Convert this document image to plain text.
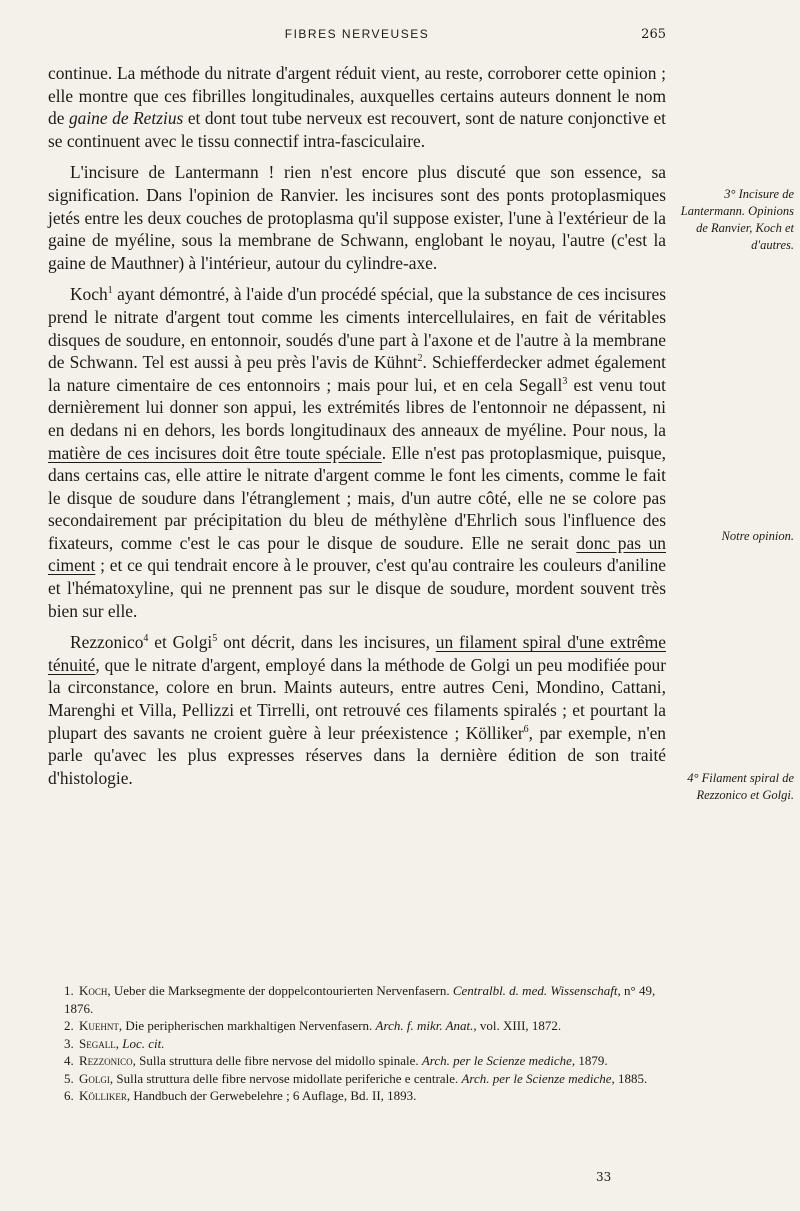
FIBRES NERVEUSES	265

continue. La méthode du nitrate d'argent réduit vient, au reste, corroborer cette opinion ; elle montre que ces fibrilles longitudinales, auxquelles certains auteurs donnent le nom de gaine de Retzius et dont tout tube nerveux est recouvert, sont de nature conjonctive et se continuent avec le tissu connectif intra-fasciculaire.

L'incisure de Lantermann ! rien n'est encore plus discuté que son essence, sa signification. Dans l'opinion de Ranvier. les incisures sont des ponts protoplasmiques jetés entre les deux couches de protoplasma qu'il suppose exister, l'une à l'extérieur de la gaine de myéline, sous la membrane de Schwann, englobant le noyau, l'autre (c'est la gaine de Mauthner) à l'intérieur, autour du cylindre-axe.

Koch$^1$ ayant démontré, à l'aide d'un procédé spécial, que la substance de ces incisures prend le nitrate d'argent tout comme les ciments intercellulaires, en fait de véritables disques de soudure, en entonnoir, soudés d'une part à l'axone et de l'autre à la membrane de Schwann. Tel est aussi à peu près l'avis de Kühnt$^2$. Schiefferdecker admet également la nature cimentaire de ces entonnoirs ; mais pour lui, et en cela Segall$^3$ est venu tout dernièrement lui donner son appui, les extrémités libres de l'entonnoir ne dépassent, ni en dedans ni en dehors, les bords longitudinaux des anneaux de myéline. Pour nous, la matière de ces incisures doit être toute spéciale. Elle n'est pas protoplasmique, puisque, dans certains cas, elle attire le nitrate d'argent comme le font les ciments, comme le fait le disque de soudure dans l'étranglement ; mais, d'un autre côté, elle ne se colore pas secondairement par précipitation du bleu de méthylène d'Ehrlich sous l'influence des fixateurs, comme c'est le cas pour le disque de soudure. Elle ne serait donc pas un ciment ; et ce qui tendrait encore à le prouver, c'est qu'au contraire les couleurs d'aniline et l'hématoxyline, qui ne prennent pas sur le disque de soudure, mordent souvent très bien sur elle.

Rezzonico$^4$ et Golgi$^5$ ont décrit, dans les incisures, un filament spiral d'une extrême ténuité, que le nitrate d'argent, employé dans la méthode de Golgi un peu modifiée pour la circonstance, colore en brun. Maints auteurs, entre autres Ceni, Mondino, Cattani, Marenghi et Villa, Pellizzi et Tirrelli, ont retrouvé ces filaments spiralés ; et pourtant la plupart des savants ne croient guère à leur préexistence ; Kölliker$^6$, par exemple, n'en parle qu'avec les plus expresses réserves dans la dernière édition de son traité d'histologie.

3° Incisure de Lantermann. Opinions de Ranvier, Koch et d'autres.
Notre opinion.
4° Filament spiral de Rezzonico et Golgi.

1. Koch, Ueber die Marksegmente der doppelcontourierten Nervenfasern. Centralbl. d. med. Wissenschaft, n° 49, 1876.

2. Kuehnt, Die peripherischen markhaltigen Nervenfasern. Arch. f. mikr. Anat., vol. XIII, 1872.

3. Segall, Loc. cit.

4. Rezzonico, Sulla struttura delle fibre nervose del midollo spinale. Arch. per le Scienze mediche, 1879.

5. Golgi, Sulla struttura delle fibre nervose midollate periferiche e centrale. Arch. per le Scienze mediche, 1885.

6. Kölliker, Handbuch der Gerwebelehre ; 6 Auflage, Bd. II, 1893.

33
